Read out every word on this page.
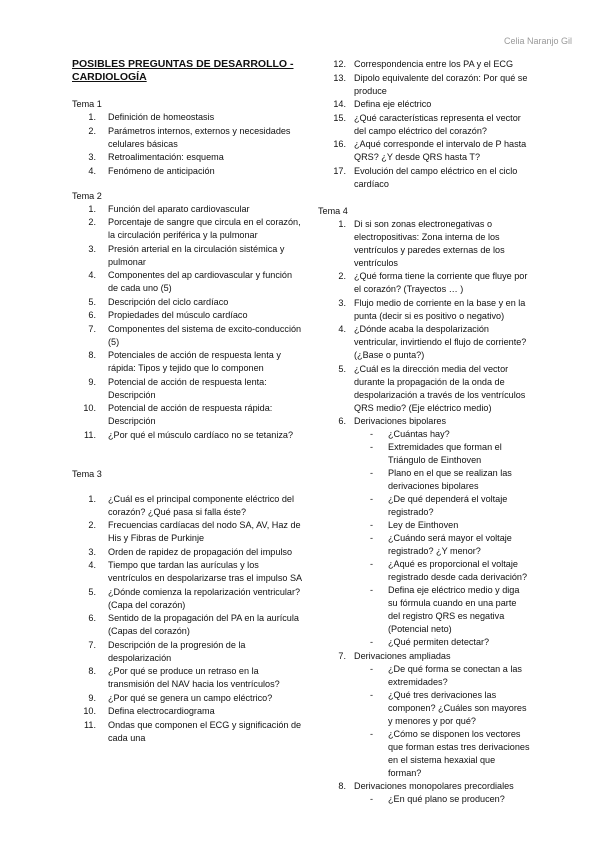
Celia Naranjo Gil
POSIBLES PREGUNTAS DE DESARROLLO - CARDIOLOGÍA
Tema 1
1. Definición de homeostasis
2. Parámetros internos, externos y necesidades celulares básicas
3. Retroalimentación: esquema
4. Fenómeno de anticipación
Tema 2
1. Función del aparato cardiovascular
2. Porcentaje de sangre que circula en el corazón, la circulación periférica y la pulmonar
3. Presión arterial en la circulación sistémica y pulmonar
4. Componentes del ap cardiovascular y función de cada uno (5)
5. Descripción del ciclo cardíaco
6. Propiedades del músculo cardíaco
7. Componentes del sistema de excito-conducción (5)
8. Potenciales de acción de respuesta lenta y rápida: Tipos y tejido que lo componen
9. Potencial de acción de respuesta lenta: Descripción
10. Potencial de acción de respuesta rápida: Descripción
11. ¿Por qué el músculo cardíaco no se tetaniza?
Tema 3
1. ¿Cuál es el principal componente eléctrico del corazón? ¿Qué pasa si falla éste?
2. Frecuencias cardíacas del nodo SA, AV, Haz de His y Fibras de Purkinje
3. Orden de rapidez de propagación del impulso
4. Tiempo que tardan las aurículas y los ventrículos en despolarizarse tras el impulso SA
5. ¿Dónde comienza la repolarización ventricular? (Capa del corazón)
6. Sentido de la propagación del PA en la aurícula (Capas del corazón)
7. Descripción de la progresión de la despolarización
8. ¿Por qué se produce un retraso en la transmisión del NAV hacia los ventrículos?
9. ¿Por qué se genera un campo eléctrico?
10. Defina electrocardiograma
11. Ondas que componen el ECG y significación de cada una
12. Correspondencia entre los PA y el ECG
13. Dipolo equivalente del corazón: Por qué se produce
14. Defina eje eléctrico
15. ¿Qué características representa el vector del campo eléctrico del corazón?
16. ¿Aqué corresponde el intervalo de P hasta QRS? ¿Y desde QRS hasta T?
17. Evolución del campo eléctrico en el ciclo cardíaco
Tema 4
1. Di si son zonas electronegativas o electropositivas: Zona interna de los ventrículos y paredes externas de los ventrículos
2. ¿Qué forma tiene la corriente que fluye por el corazón? (Trayectos … )
3. Flujo medio de corriente en la base y en la punta (decir si es positivo o negativo)
4. ¿Dónde acaba la despolarización ventricular, invirtiendo el flujo de corriente? (¿Base o punta?)
5. ¿Cuál es la dirección media del vector durante la propagación de la onda de despolarización a través de los ventrículos QRS medio? (Eje eléctrico medio)
6. Derivaciones bipolares
- ¿Cuántas hay?
- Extremidades que forman el Triángulo de Einthoven
- Plano en el que se realizan las derivaciones bipolares
- ¿De qué dependerá el voltaje registrado?
- Ley de Einthoven
- ¿Cuándo será mayor el voltaje registrado? ¿Y menor?
- ¿Aqué es proporcional el voltaje registrado desde cada derivación?
- Defina eje eléctrico medio y diga su fórmula cuando en una parte del registro QRS es negativa (Potencial neto)
- ¿Qué permiten detectar?
7. Derivaciones ampliadas
- ¿De qué forma se conectan a las extremidades?
- ¿Qué tres derivaciones las componen? ¿Cuáles son mayores y menores y por qué?
- ¿Cómo se disponen los vectores que forman estas tres derivaciones en el sistema hexaxial que forman?
8. Derivaciones monopolares precordiales
- ¿En qué plano se producen?
